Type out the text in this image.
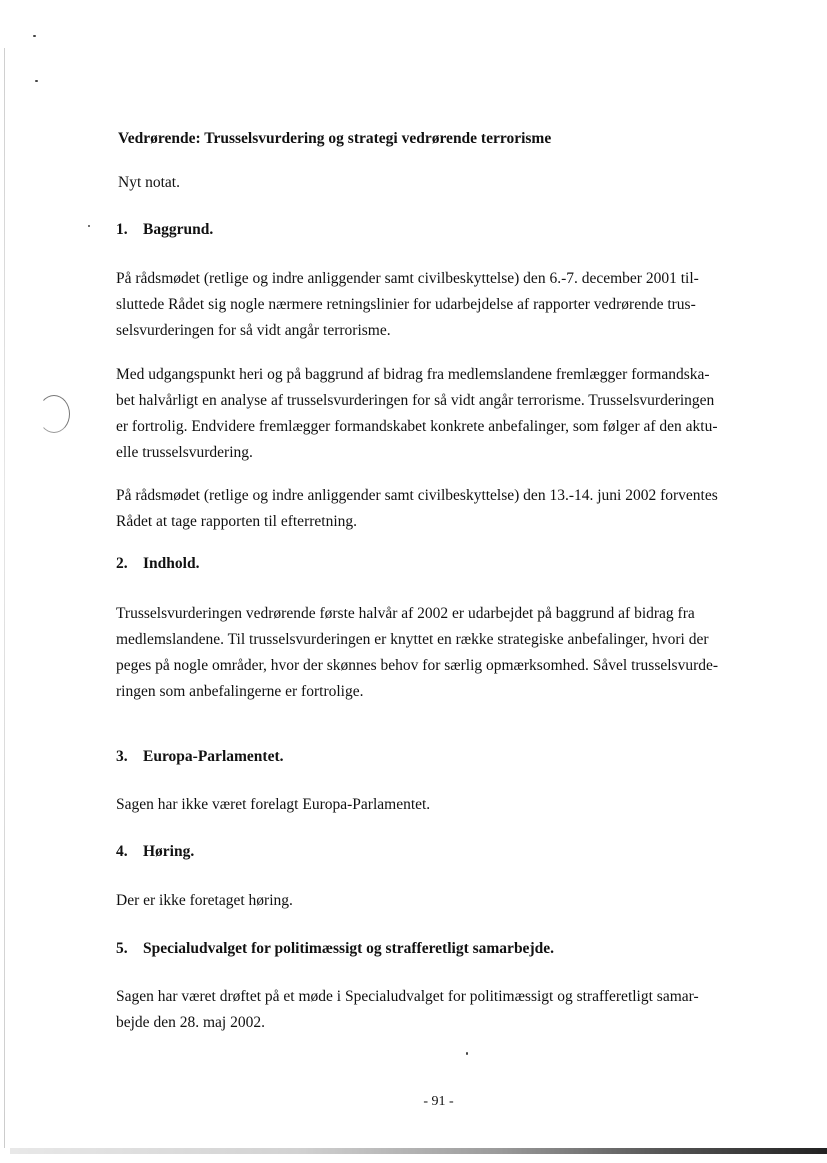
Vedrørende: Trusselsvurdering og strategi vedrørende terrorisme

Nyt notat.

1. Baggrund.

På rådsmødet (retlige og indre anliggender samt civilbeskyttelse) den 6.-7. december 2001 til-
sluttede Rådet sig nogle nærmere retningslinier for udarbejdelse af rapporter vedrørende trus-
selsvurderingen for så vidt angår terrorisme.
Med udgangspunkt heri og på baggrund af bidrag fra medlemslandene fremlægger formandska-
bet halvårligt en analyse af trusselsvurderingen for så vidt angår terrorisme. Trusselsvurderingen
er fortrolig. Endvidere fremlægger formandskabet konkrete anbefalinger, som følger af den aktu-
elle trusselsvurdering.
På rådsmødet (retlige og indre anliggender samt civilbeskyttelse) den 13.-14. juni 2002 forventes
Rådet at tage rapporten til efterretning.

2. Indhold.

Trusselsvurderingen vedrørende første halvår af 2002 er udarbejdet på baggrund af bidrag fra
medlemslandene. Til trusselsvurderingen er knyttet en række strategiske anbefalinger, hvori der
peges på nogle områder, hvor der skønnes behov for særlig opmærksomhed. Såvel trusselsvurde-
ringen som anbefalingerne er fortrolige.

3. Europa-Parlamentet.

Sagen har ikke været forelagt Europa-Parlamentet.

4. Høring.

Der er ikke foretaget høring.

5. Specialudvalget for politimæssigt og strafferetligt samarbejde.

Sagen har været drøftet på et møde i Specialudvalget for politimæssigt og strafferetligt samar-
bejde den 28. maj 2002.

- 91 -
